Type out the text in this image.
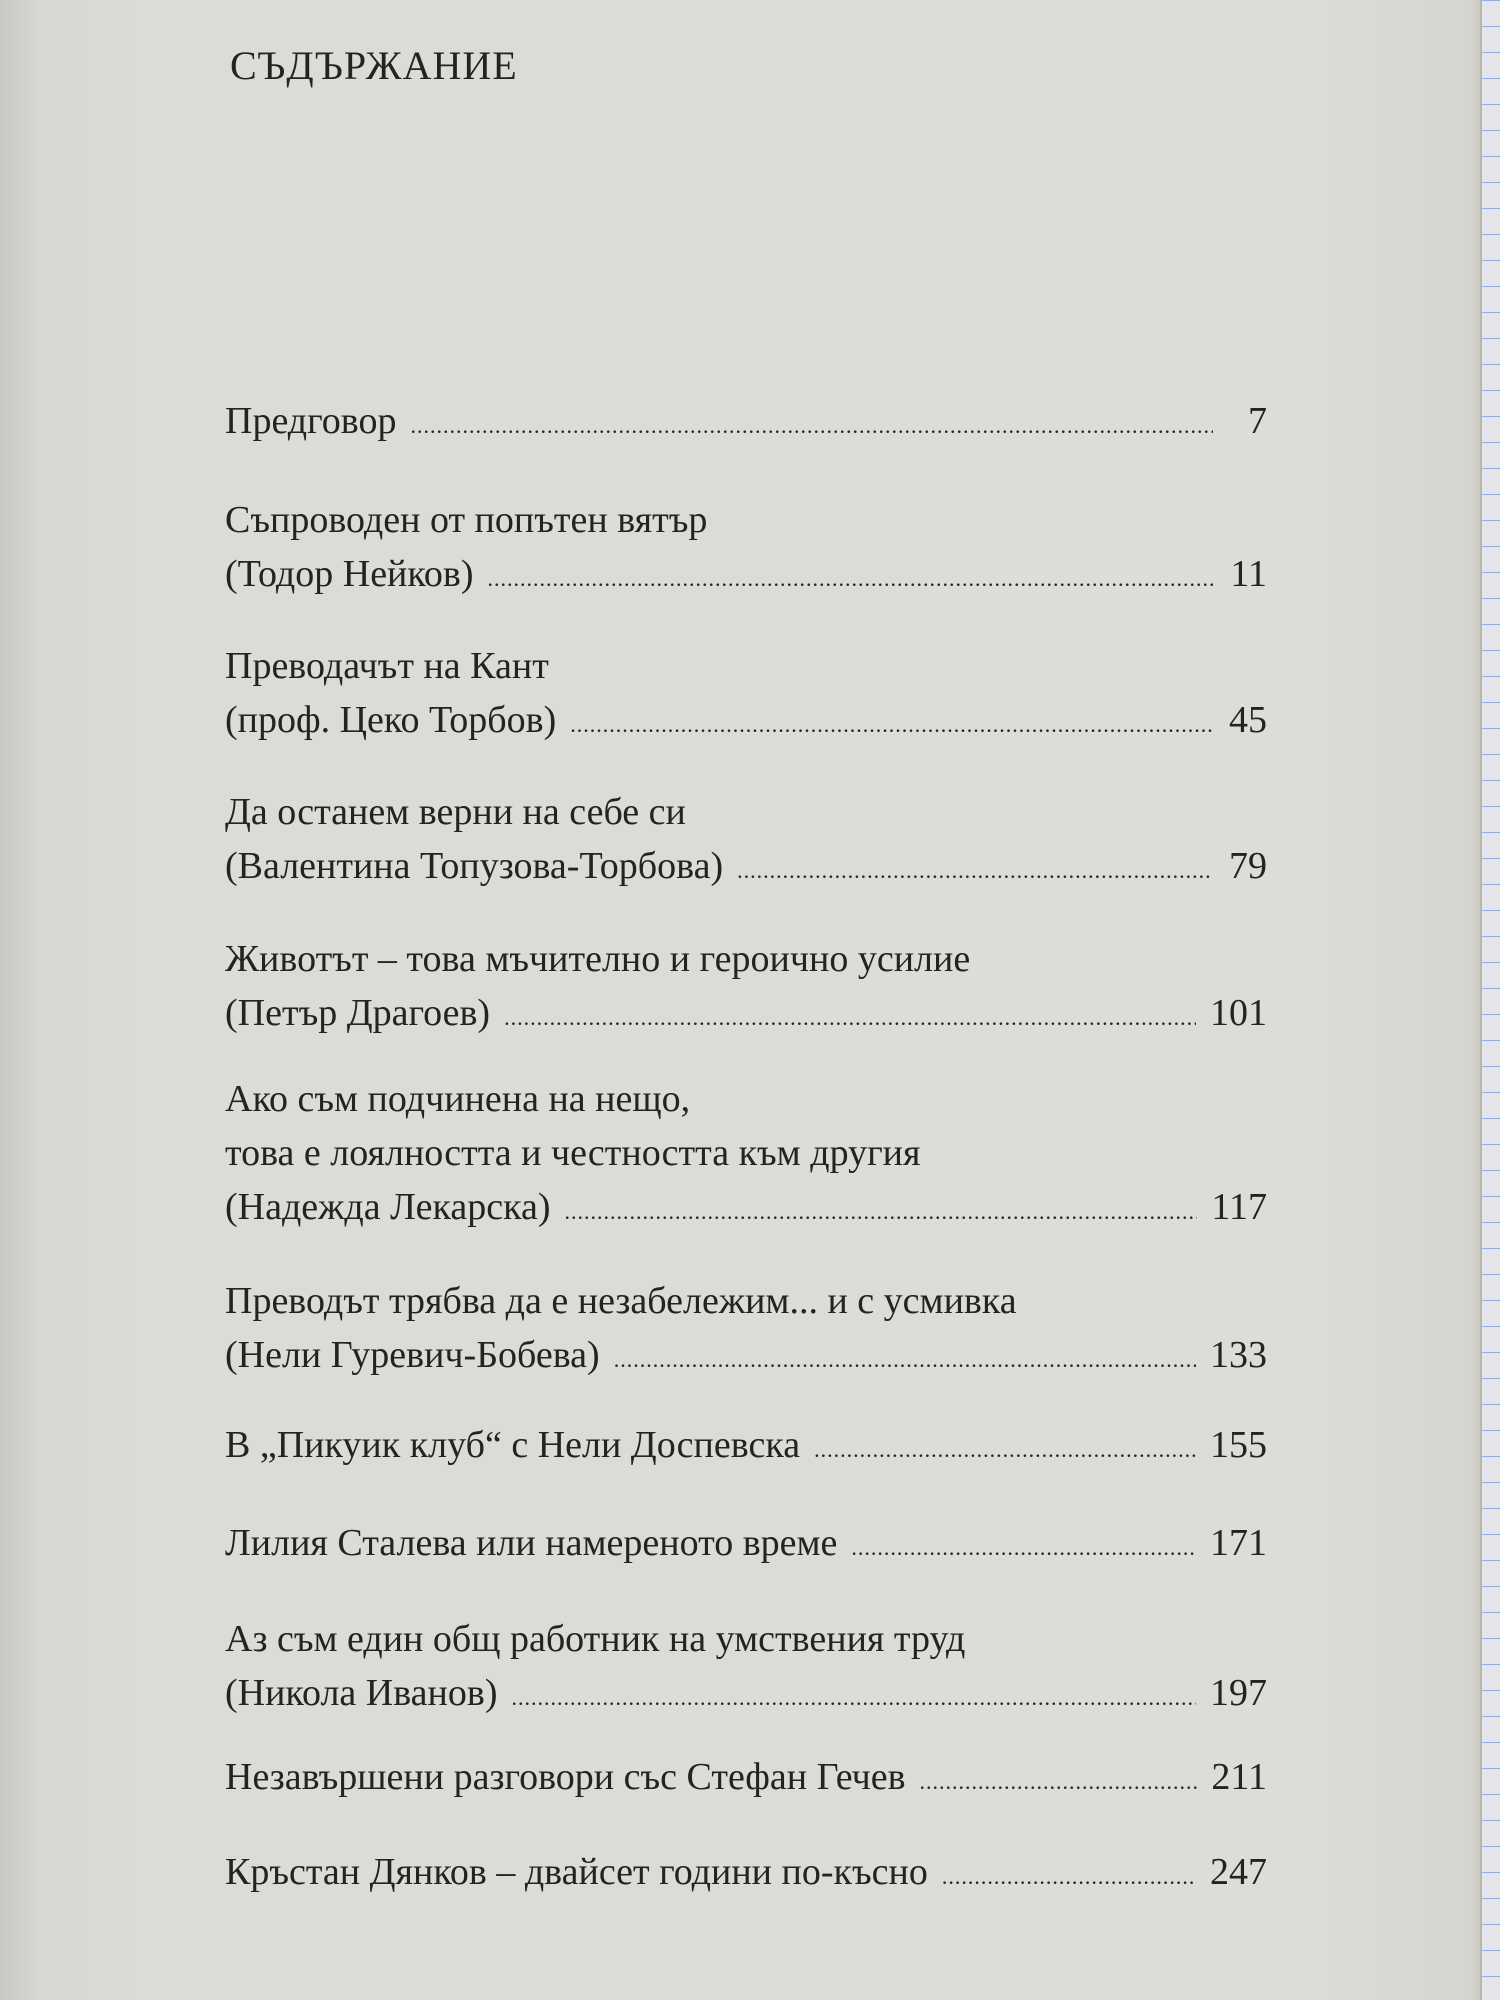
СЪДЪРЖАНИЕ
Предговор .....	7
Съпроводен от попътен вятър
(Тодор Нейков) .....	11
Преводачът на Кант
(проф. Цеко Торбов) .....	45
Да останем верни на себе си
(Валентина Топузова-Торбова) .....	79
Животът – това мъчително и героично усилие
(Петър Драгоев) .....	101
Ако съм подчинена на нещо,
това е лоялността и честността към другия
(Надежда Лекарска) .....	117
Преводът трябва да е незабележим... и с усмивка
(Нели Гуревич-Бобева) .....	133
В „Пикуик клуб“ с Нели Доспевска .....	155
Лилия Сталева или намереното време .....	171
Аз съм един общ работник на умствения труд
(Никола Иванов) .....	197
Незавършени разговори със Стефан Гечев .....	211
Кръстан Дянков – двайсет години по-късно .....	247
